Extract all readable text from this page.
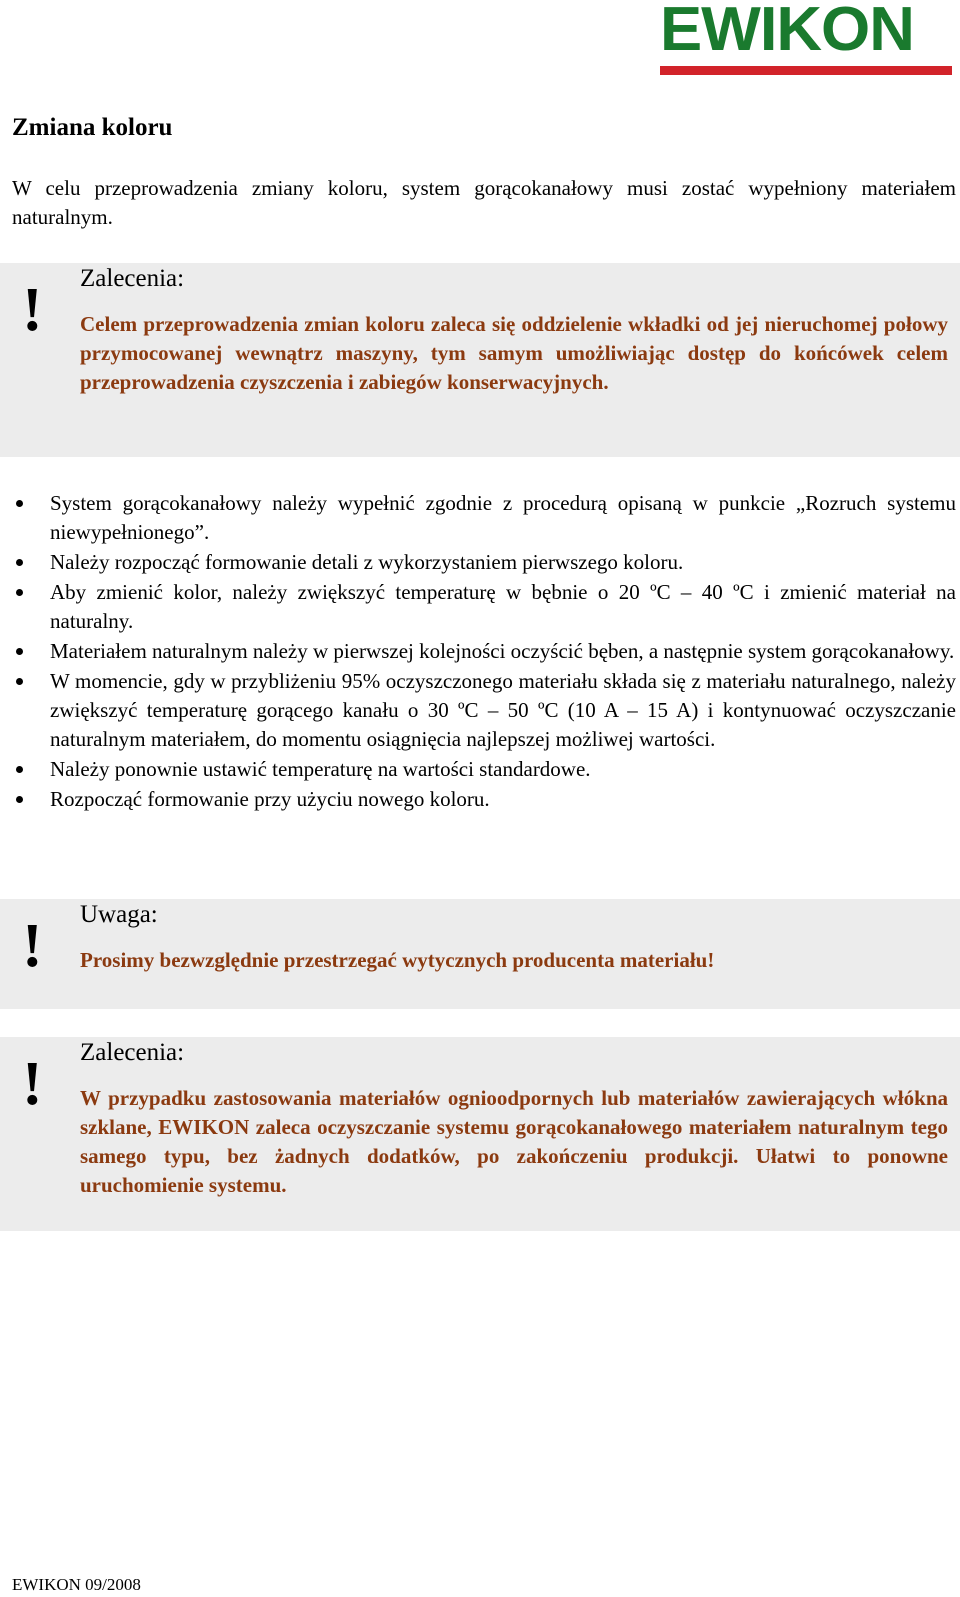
EWIKON
Zmiana koloru

W celu przeprowadzenia zmiany koloru, system gorącokanałowy musi zostać wypełniony materiałem naturalnym.

! Zalecenia:

Celem przeprowadzenia zmian koloru zaleca się oddzielenie wkładki od jej nieruchomej połowy przymocowanej wewnątrz maszyny, tym samym umożliwiając dostęp do końcówek celem przeprowadzenia czyszczenia i zabiegów konserwacyjnych.

System gorącokanałowy należy wypełnić zgodnie z procedurą opisaną w punkcie „Rozruch systemu niewypełnionego”.
Należy rozpocząć formowanie detali z wykorzystaniem pierwszego koloru.
Aby zmienić kolor, należy zwiększyć temperaturę w bębnie o 20 ºC – 40 ºC i zmienić materiał na naturalny.
Materiałem naturalnym należy w pierwszej kolejności oczyścić bęben, a następnie system gorącokanałowy.
W momencie, gdy w przybliżeniu 95% oczyszczonego materiału składa się z materiału naturalnego, należy zwiększyć temperaturę gorącego kanału o 30 ºC – 50 ºC (10 A – 15 A) i kontynuować oczyszczanie naturalnym materiałem, do momentu osiągnięcia najlepszej możliwej wartości.
Należy ponownie ustawić temperaturę na wartości standardowe.
Rozpocząć formowanie przy użyciu nowego koloru.
! Uwaga:

Prosimy bezwzględnie przestrzegać wytycznych producenta materiału!

! Zalecenia:

W przypadku zastosowania materiałów ognioodpornych lub materiałów zawierających włókna szklane, EWIKON zaleca oczyszczanie systemu gorącokanałowego materiałem naturalnym tego samego typu, bez żadnych dodatków, po zakończeniu produkcji. Ułatwi to ponowne uruchomienie systemu.

EWIKON 09/2008
